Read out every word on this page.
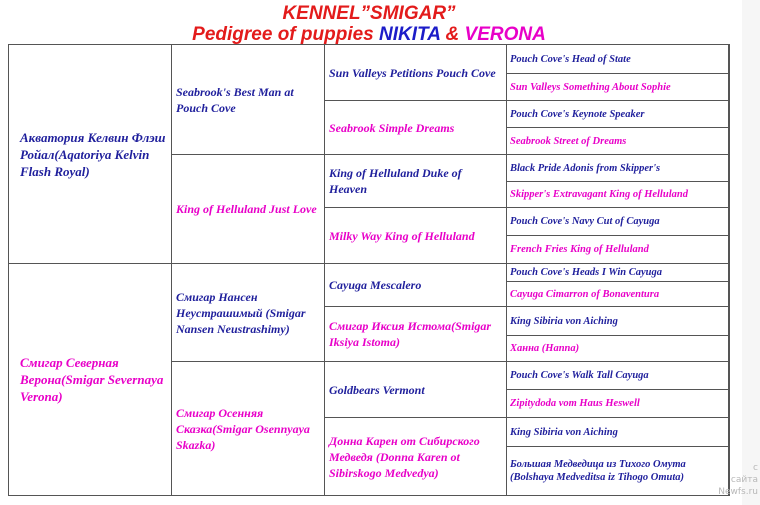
KENNEL”SMIGAR”
Pedigree of puppies NIKITA & VERONA
Акватория Келвин Флэш Ройал(Aqatoriya Kelvin Flash Royal)
Смигар Северная Верона(Smigar Severnaya Verona)
Seabrook's Best Man at Pouch Cove
King of Helluland Just Love
Смигар Нансен Неустрашимый (Smigar Nansen Neustrashimy)
Смигар Осенняя Сказка(Smigar Osennyaya Skazka)
Sun Valleys Petitions Pouch Cove
Seabrook Simple Dreams
King of Helluland Duke of Heaven
Milky Way King of Helluland
Cayuga Mescalero
Смигар Иксия Истома(Smigar Iksiya Istoma)
Goldbears Vermont
Донна Карен от Сибирского Медведя (Donna Karen ot Sibirskogo Medvedya)
Pouch Cove's Head of State
Sun Valleys Something About Sophie
Pouch Cove's Keynote Speaker
Seabrook Street of Dreams
Black Pride Adonis from Skipper's
Skipper's Extravagant King of Helluland
Pouch Cove's Navy Cut of Cayuga
French Fries King of Helluland
Pouch Cove's Heads I Win Cayuga
Cayuga Cimarron of Bonaventura
King Sibiria von Aiching
Ханна (Hanna)
Pouch Cove's Walk Tall Cayuga
Zipitydoda vom Haus Heswell
King Sibiria von Aiching
Большая Медведица из Тихого Омута (Bolshaya Medveditsa iz Tihogo Omuta)
с
сайта
Newfs.ru
